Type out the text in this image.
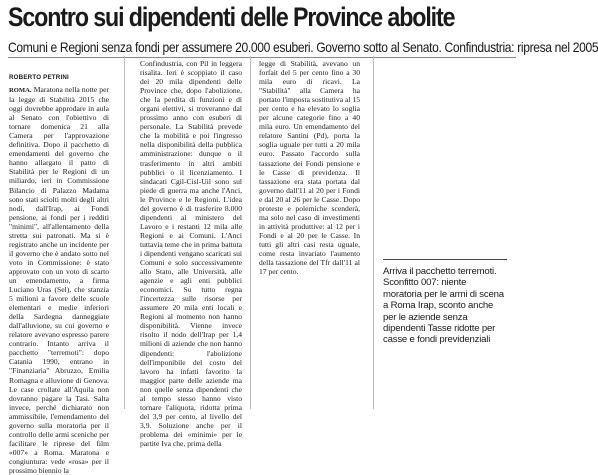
Scontro sui dipendenti delle Province abolite
Comuni e Regioni senza fondi per assumere 20.000 esuberi. Governo sotto al Senato. Confindustria: ripresa nel 2005
ROBERTO PETRINI

ROMA. Maratona nella notte per la legge di Stabilità 2015 che oggi dovrebbe approdare in aula al Senato con l'obiettivo di tornare domenica 21 alla Camera per l'approvazione definitiva. Dopo il pacchetto di emendamenti del governo che hanno allargato il patto di Stabilità per le Regioni di un miliardo, ieri in Commissione Bilancio di Palazzo Madama sono stati sciolti molti degli altri nodi, dall'Irap, ai Fondi pensione, ai fondi per i redditi "minimi", all'allentamento della stretta sui patronati. Ma si è registrato anche un incidente per il governo che è andato sotto nel voto in Commissione: è stato approvato con un voto di scarto un emendamento, a firma Luciano Uras (Sel), che stanzia 5 milioni a favore delle scuole elementari e medie inferiori della Sardegna danneggiate dall'alluvione, su cui governo e relatore avevano espresso parere contrario. Intanto arriva il pacchetto "terremoti": dopo Catania 1990, entrano in "Finanziaria" Abruzzo, Emilia Romagna e alluvione di Genova. Le case crollate all'Aquila non dovranno pagare la Tasi. Salta invece, perché dichiarato non ammissibile, l'emendamento del governo sulla moratoria per il controllo delle armi sceniche per facilitare le riprese del film «007» a Roma. Maratona e congiuntura: vede «rosa» per il prossimo biennio la

Confindustria, con Pil in leggera risalita. Ieri è scoppiato il caso dei 20 mila dipendenti delle Province che, dopo l'abolizione, che la perdita di funzioni e di organi elettivi, si troveranno dal prossimo anno con esuberi di personale. La Stabilità prevede che la mobilità e poi l'ingresso nella disponibilità della pubblica amministrazione: dunque o il trasferimento in altri ambiti pubblici o il licenziamento. I sindacati Cgil-Cisl-Uil sono sul piede di guerra ma anche l'Anci, le Province e le Regioni. L'idea del governo è di trasferire 8.000 dipendenti al ministero del Lavoro e i restanti 12 mila alle Regioni e ai Comuni. L'Anci tuttavia teme che in prima battuta i dipendenti vengano scaricati sui Comuni e solo successivamente allo Stato, alle Università, alle agenzie e agli enti pubblici economici. Su tutto regna l'incertezza sulle risorse per assumere 20 mila enti locali e Regioni al momento non hanno disponibilità. Vienne invece risolto il nodo dell'Irap per 1,4 milioni di aziende che non hanno dipendenti: l'abolizione dell'imponibile del costo del lavoro ha infatti favorito la maggior parte delle aziende ma non quelle senza dipendenti che al tempo stesso hanno visto tornare l'aliquota, ridotta prima del 3,9 per cento, al livello del 3,9. Soluzione anche per il problema dei «minimi» per le partite Iva che, prima della

legge di Stabilità, avevano un forfait del 5 per cento fino a 30 mila euro di ricavi. La "Stabilità" alla Camera ha portato l'imposta sostitutiva al 15 per cento e ha elevato lo soglia per alcune categorie fino a 40 mila euro. Un emendamento del relatore Santini (Pd), porta la soglia uguale per tutti a 20 mila euro. Passato l'accordo sulla tassazione dei Fondi pensione e le Casse di previdenza. Il tassazione era stata portata dal governo dall'11 al 20 per i Fondi e dal 20 al 26 per le Casse. Dopo proteste e polemiche scenderà, ma solo nel caso di investimenti in attività produttive: al 12 per i Fondi e al 20 per le Casse. In tutti gli altri casi resta uguale, come resta invariato l'aumento della tassazione del Tfr dall'11 al 17 per cento.	Arriva il pacchetto terremoti. Sconfitto 007: niente moratoria per le armi di scena a Roma Irap, sconto anche per le aziende senza dipendenti Tasse ridotte per casse e fondi previdenziali
